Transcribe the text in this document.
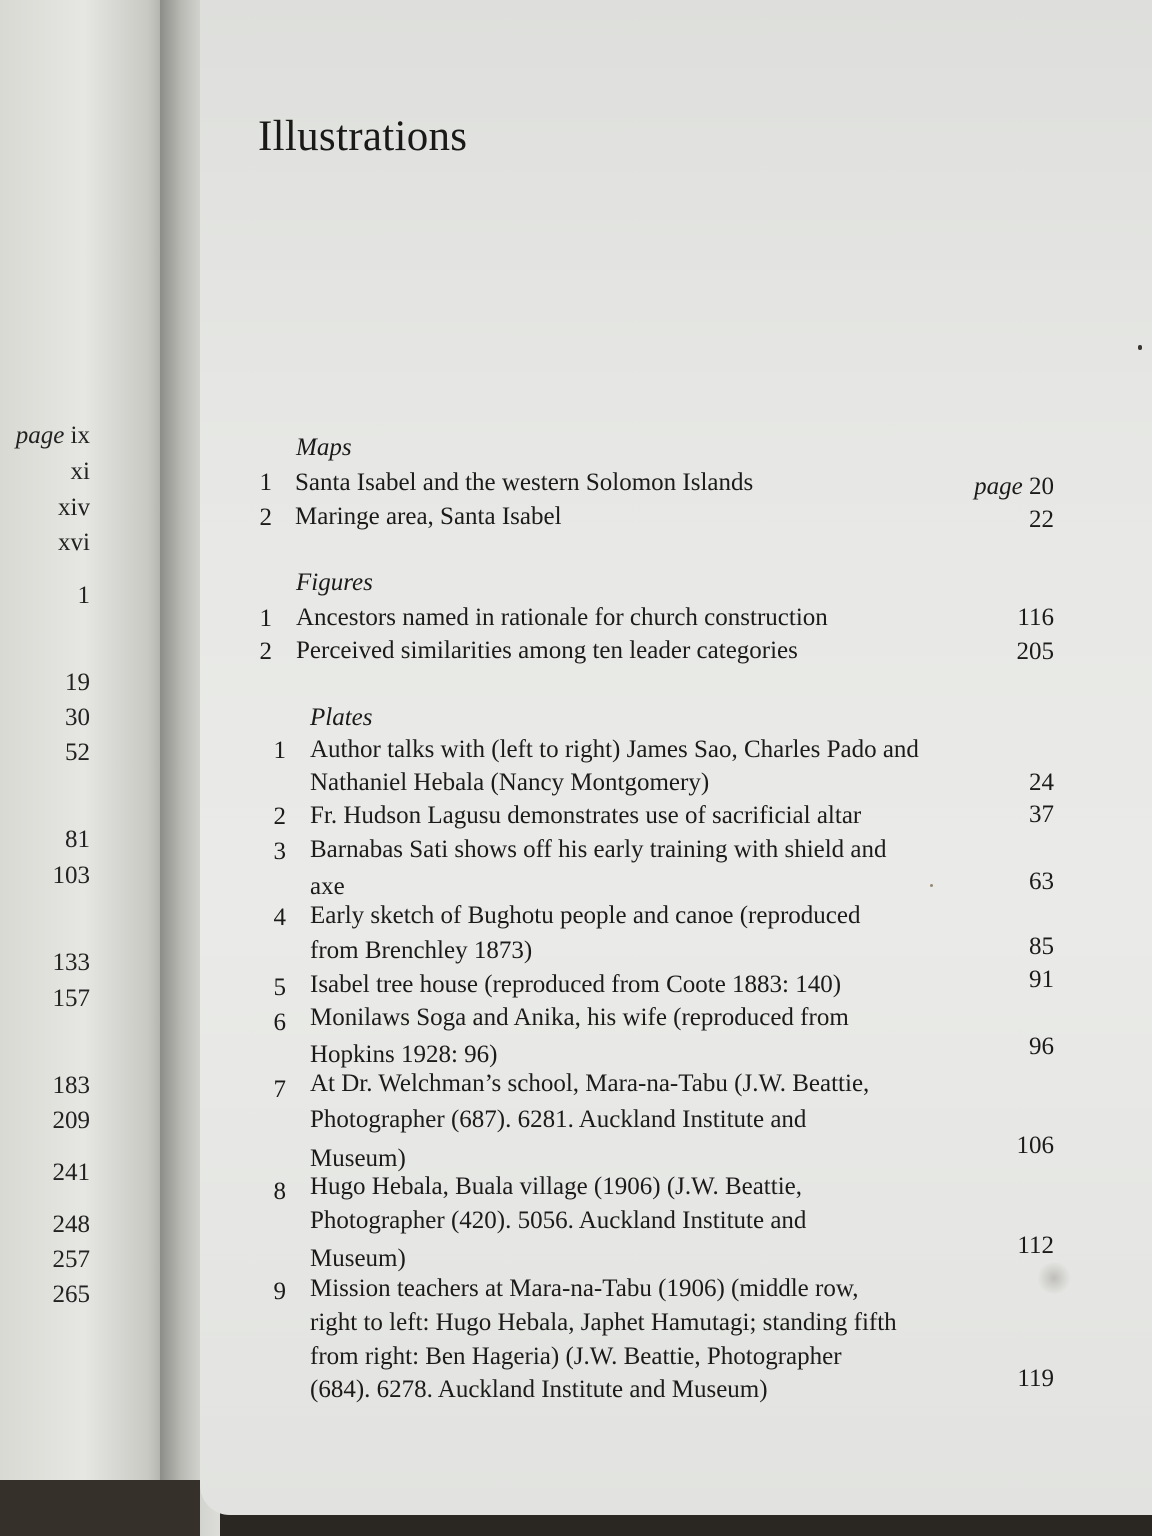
page ix
xi
xiv
xvi
1
19
30
52
81
103
133
157
183
209
241
248
257
265
Illustrations
Maps
1 Santa Isabel and the western Solomon Islands	page 20
2 Maringe area, Santa Isabel	22
Figures
1 Ancestors named in rationale for church construction	116
2 Perceived similarities among ten leader categories	205
Plates
1 Author talks with (left to right) James Sao, Charles Pado and
Nathaniel Hebala (Nancy Montgomery)	24
2 Fr. Hudson Lagusu demonstrates use of sacrificial altar	37
3 Barnabas Sati shows off his early training with shield and
axe	63
4 Early sketch of Bughotu people and canoe (reproduced
from Brenchley 1873)	85
5 Isabel tree house (reproduced from Coote 1883: 140)	91
6 Monilaws Soga and Anika, his wife (reproduced from
Hopkins 1928: 96)	96
7 At Dr. Welchman’s school, Mara-na-Tabu (J.W. Beattie,
Photographer (687). 6281. Auckland Institute and
Museum)	106
8 Hugo Hebala, Buala village (1906) (J.W. Beattie,
Photographer (420). 5056. Auckland Institute and
Museum)	112
9 Mission teachers at Mara-na-Tabu (1906) (middle row,
right to left: Hugo Hebala, Japhet Hamutagi; standing fifth
from right: Ben Hageria) (J.W. Beattie, Photographer
(684). 6278. Auckland Institute and Museum)	119
